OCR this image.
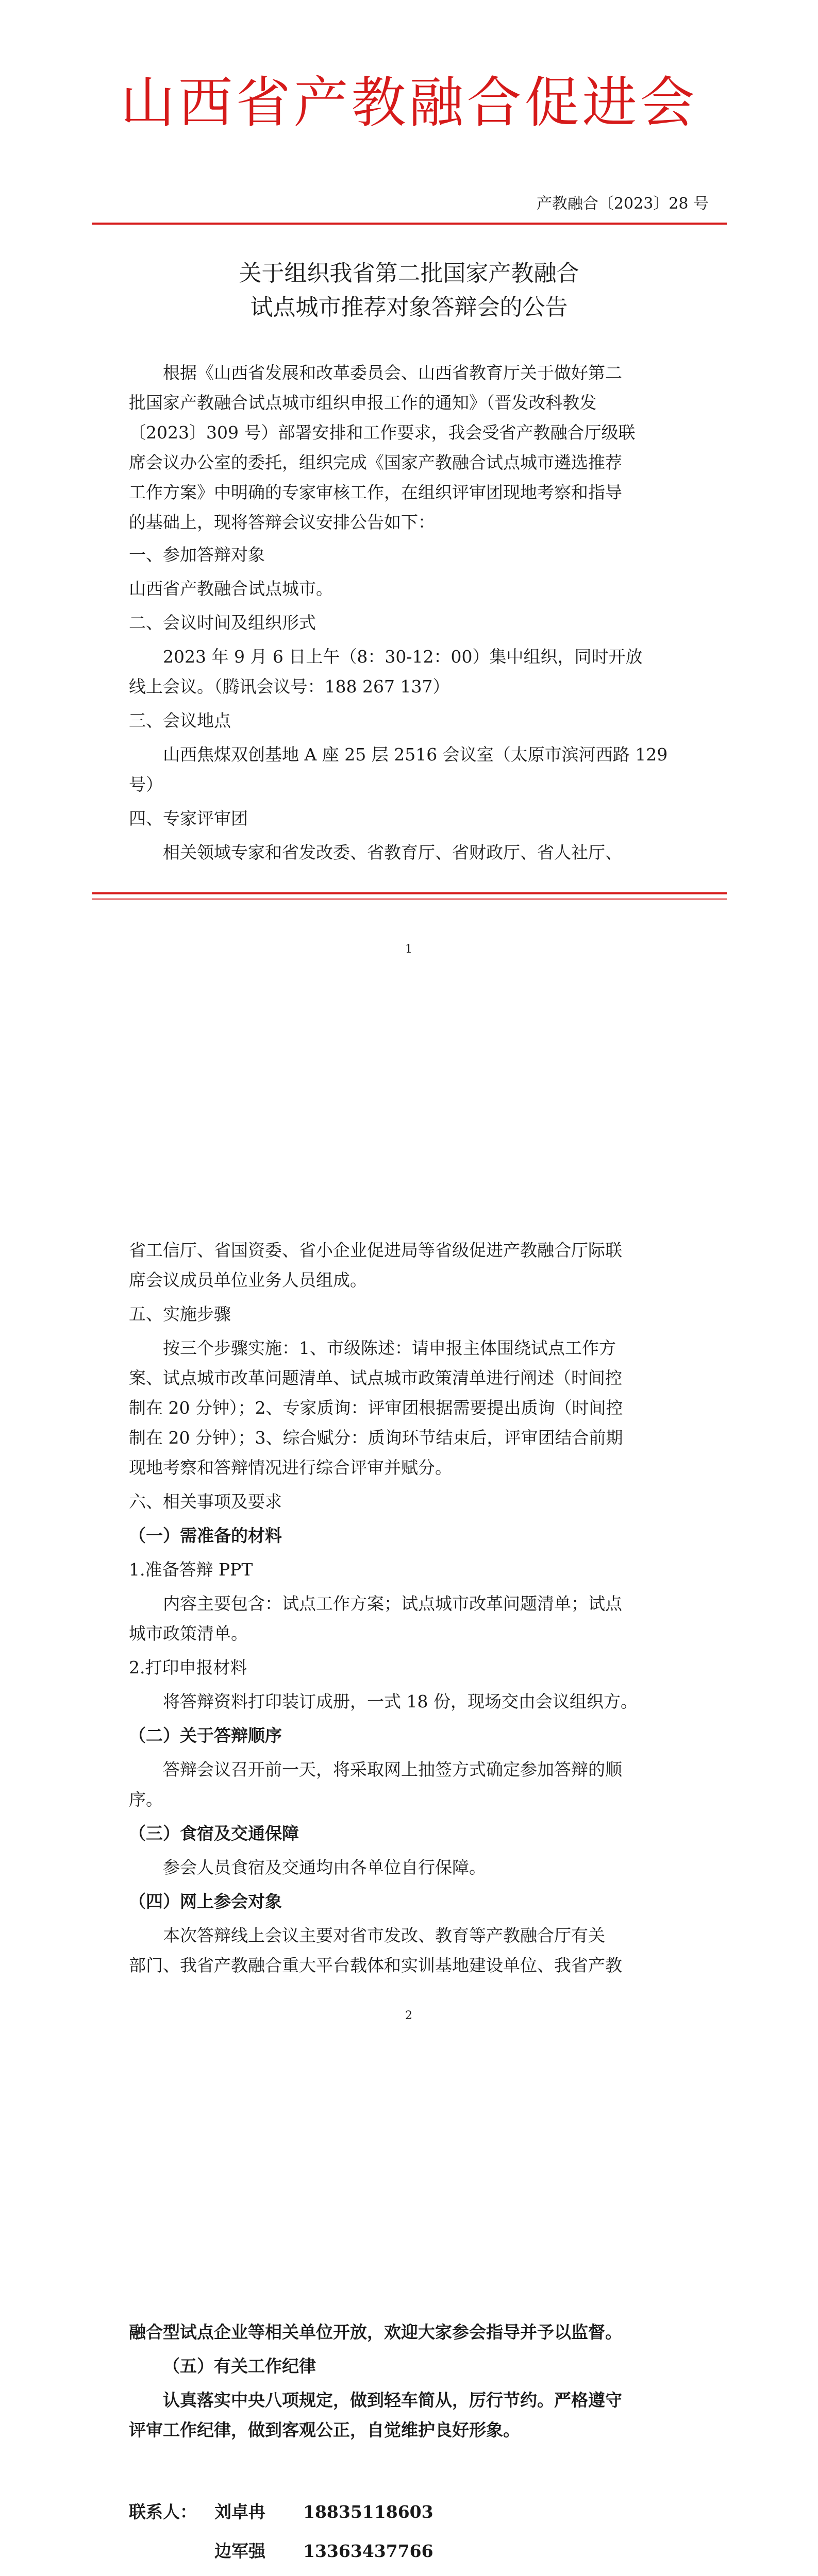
山西省产教融合促进会
产教融合〔2023〕28 号
关于组织我省第二批国家产教融合
试点城市推荐对象答辩会的公告
根据《山西省发展和改革委员会、山西省教育厅关于做好第二
批国家产教融合试点城市组织申报工作的通知》（晋发改科教发
〔2023〕309 号）部署安排和工作要求，我会受省产教融合厅级联
席会议办公室的委托，组织完成《国家产教融合试点城市遴选推荐
工作方案》中明确的专家审核工作，在组织评审团现地考察和指导
的基础上，现将答辩会议安排公告如下：
一、参加答辩对象
山西省产教融合试点城市。
二、会议时间及组织形式
2023 年 9 月 6 日上午（8：30-12：00）集中组织，同时开放
线上会议。（腾讯会议号：188 267 137）
三、会议地点
山西焦煤双创基地 A 座 25 层 2516 会议室（太原市滨河西路 129
号）
四、专家评审团
相关领域专家和省发改委、省教育厅、省财政厅、省人社厅、
1
省工信厅、省国资委、省小企业促进局等省级促进产教融合厅际联
席会议成员单位业务人员组成。
五、实施步骤
按三个步骤实施：1、市级陈述：请申报主体围绕试点工作方
案、试点城市改革问题清单、试点城市政策清单进行阐述（时间控
制在 20 分钟）；2、专家质询：评审团根据需要提出质询（时间控
制在 20 分钟）；3、综合赋分：质询环节结束后，评审团结合前期
现地考察和答辩情况进行综合评审并赋分。
六、相关事项及要求
（一）需准备的材料
1.准备答辩 PPT
内容主要包含：试点工作方案；试点城市改革问题清单；试点
城市政策清单。
2.打印申报材料
将答辩资料打印装订成册，一式 18 份，现场交由会议组织方。
（二）关于答辩顺序
答辩会议召开前一天，将采取网上抽签方式确定参加答辩的顺
序。
（三）食宿及交通保障
参会人员食宿及交通均由各单位自行保障。
（四）网上参会对象
本次答辩线上会议主要对省市发改、教育等产教融合厅有关
部门、我省产教融合重大平台载体和实训基地建设单位、我省产教
2
融合型试点企业等相关单位开放，欢迎大家参会指导并予以监督。
（五）有关工作纪律
认真落实中央八项规定，做到轻车简从，厉行节约。严格遵守
评审工作纪律，做到客观公正，自觉维护良好形象。
联系人： 刘卓冉 18835118603
边军强 13363437766
